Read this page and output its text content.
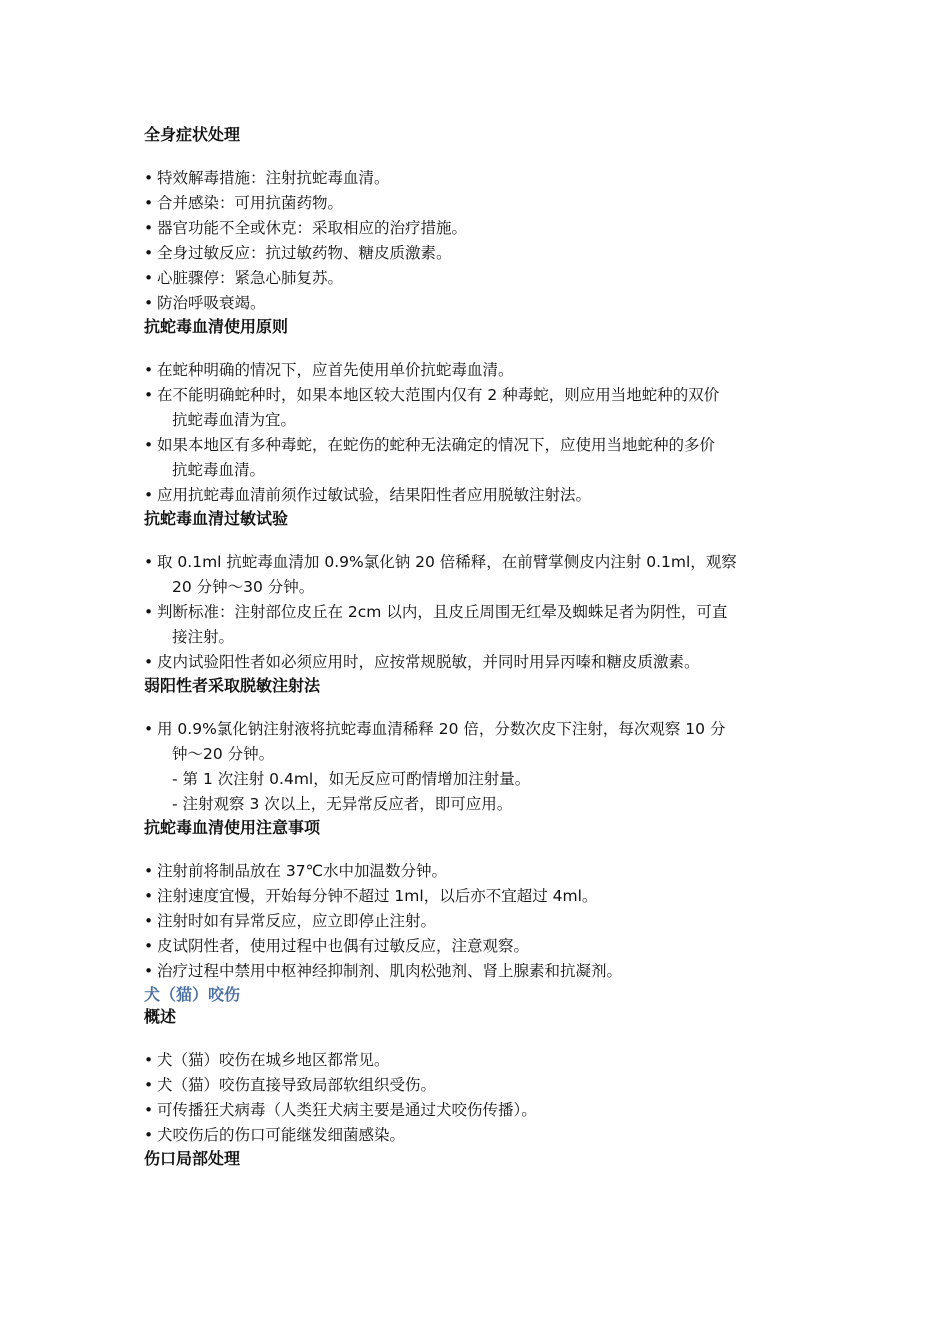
全身症状处理
• 特效解毒措施：注射抗蛇毒血清。
• 合并感染：可用抗菌药物。
• 器官功能不全或休克：采取相应的治疗措施。
• 全身过敏反应：抗过敏药物、糖皮质激素。
• 心脏骤停：紧急心肺复苏。
• 防治呼吸衰竭。
抗蛇毒血清使用原则
• 在蛇种明确的情况下，应首先使用单价抗蛇毒血清。
• 在不能明确蛇种时，如果本地区较大范围内仅有 2 种毒蛇，则应用当地蛇种的双价
抗蛇毒血清为宜。
• 如果本地区有多种毒蛇，在蛇伤的蛇种无法确定的情况下，应使用当地蛇种的多价
抗蛇毒血清。
• 应用抗蛇毒血清前须作过敏试验，结果阳性者应用脱敏注射法。
抗蛇毒血清过敏试验
• 取 0.1ml 抗蛇毒血清加 0.9%氯化钠 20 倍稀释，在前臂掌侧皮内注射 0.1ml，观察
20 分钟～30 分钟。
• 判断标准：注射部位皮丘在 2cm 以内，且皮丘周围无红晕及蜘蛛足者为阴性，可直
接注射。
• 皮内试验阳性者如必须应用时，应按常规脱敏，并同时用异丙嗪和糖皮质激素。
弱阳性者采取脱敏注射法
• 用 0.9%氯化钠注射液将抗蛇毒血清稀释 20 倍，分数次皮下注射，每次观察 10 分
钟～20 分钟。
- 第 1 次注射 0.4ml，如无反应可酌情增加注射量。
- 注射观察 3 次以上，无异常反应者，即可应用。
抗蛇毒血清使用注意事项
• 注射前将制品放在 37℃水中加温数分钟。
• 注射速度宜慢，开始每分钟不超过 1ml，以后亦不宜超过 4ml。
• 注射时如有异常反应，应立即停止注射。
• 皮试阴性者，使用过程中也偶有过敏反应，注意观察。
• 治疗过程中禁用中枢神经抑制剂、肌肉松弛剂、肾上腺素和抗凝剂。
犬（猫）咬伤
概述
• 犬（猫）咬伤在城乡地区都常见。
• 犬（猫）咬伤直接导致局部软组织受伤。
• 可传播狂犬病毒（人类狂犬病主要是通过犬咬伤传播）。
• 犬咬伤后的伤口可能继发细菌感染。
伤口局部处理
